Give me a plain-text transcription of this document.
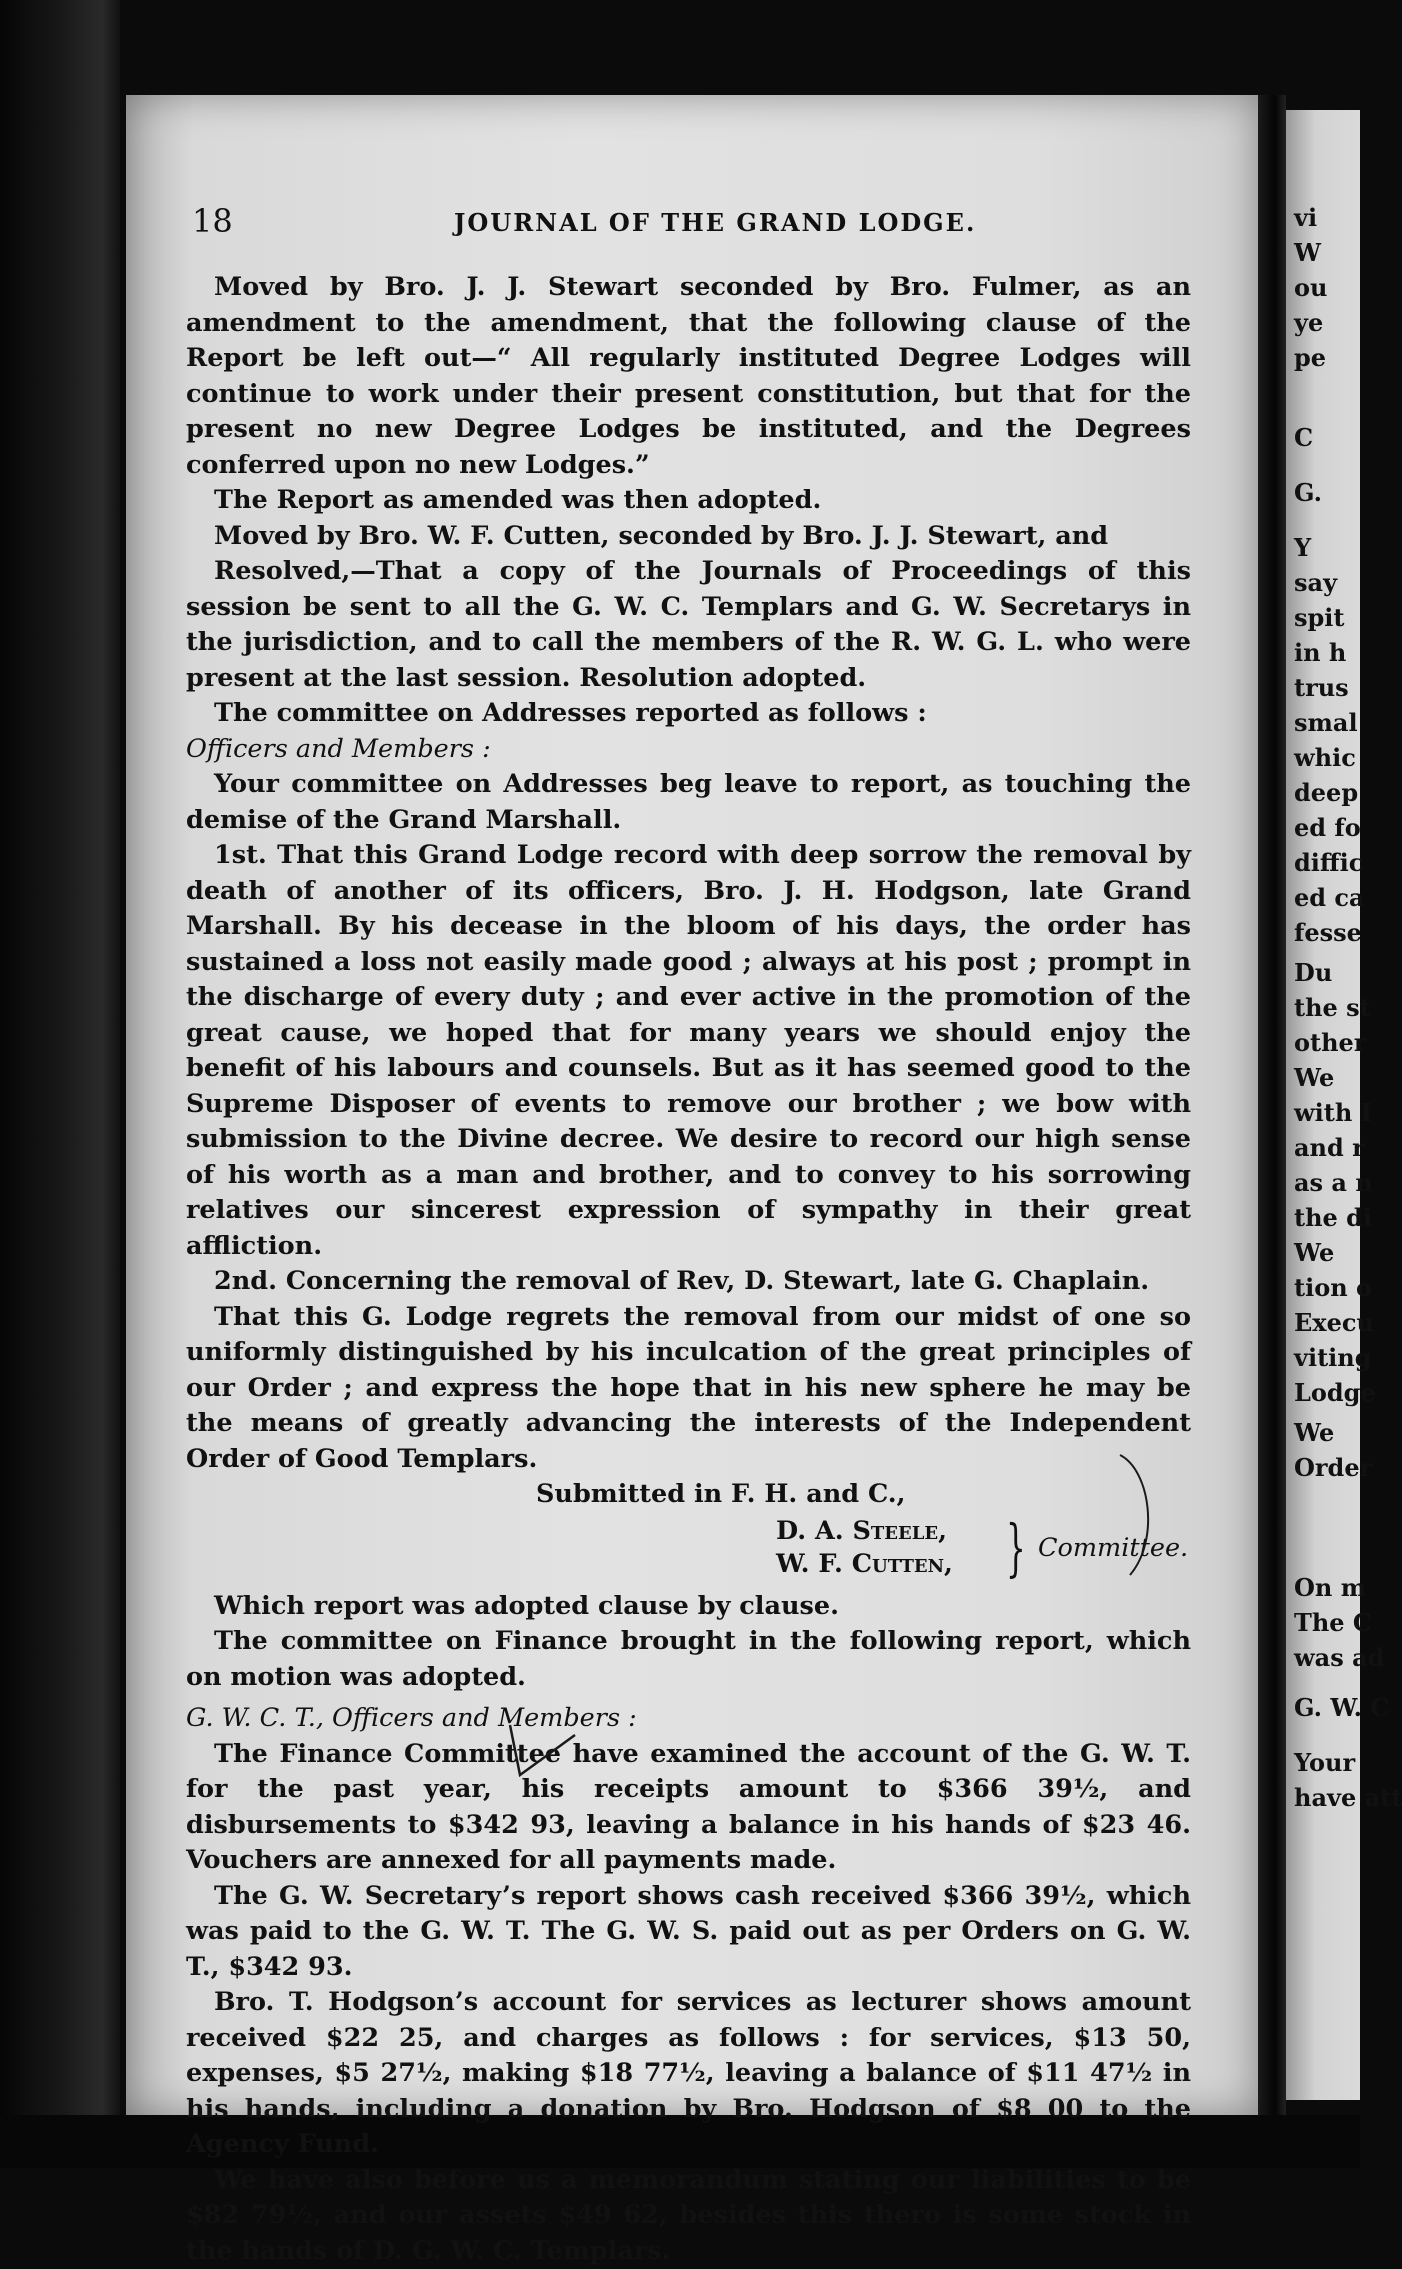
vi
W
ou
ye
pe
C
G.
Y
say
spit
in h
trus
smal
whic
deep
ed fo
diffic
ed ca
fesse
Du
the st
other
We
with I
and r
as a n
the di
We
tion o
Execu
viting
Lodge
We
Order
On m
The C
was ad
G. W. C
Your
have att
18	JOURNAL OF THE GRAND LODGE.

Moved by Bro. J. J. Stewart seconded by Bro. Fulmer, as an amendment to the amendment, that the following clause of the Report be left out—“ All regularly instituted Degree Lodges will continue to work under their present constitution, but that for the present no new Degree Lodges be instituted, and the Degrees conferred upon no new Lodges.”

The Report as amended was then adopted.

Moved by Bro. W. F. Cutten, seconded by Bro. J. J. Stewart, and

Resolved,—That a copy of the Journals of Proceedings of this session be sent to all the G. W. C. Templars and G. W. Secretarys in the jurisdiction, and to call the members of the R. W. G. L. who were present at the last session. Resolution adopted.

The committee on Addresses reported as follows :

Officers and Members :

Your committee on Addresses beg leave to report, as touching the demise of the Grand Marshall.

1st. That this Grand Lodge record with deep sorrow the removal by death of another of its officers, Bro. J. H. Hodgson, late Grand Marshall. By his decease in the bloom of his days, the order has sustained a loss not easily made good ; always at his post ; prompt in the discharge of every duty ; and ever active in the promotion of the great cause, we hoped that for many years we should enjoy the benefit of his labours and counsels. But as it has seemed good to the Supreme Disposer of events to remove our brother ; we bow with submission to the Divine decree. We desire to record our high sense of his worth as a man and brother, and to convey to his sorrowing relatives our sincerest expression of sympathy in their great affliction.

2nd. Concerning the removal of Rev, D. Stewart, late G. Chaplain.

That this G. Lodge regrets the removal from our midst of one so uniformly distinguished by his inculcation of the great principles of our Order ; and express the hope that in his new sphere he may be the means of greatly advancing the interests of the Independent Order of Good Templars.

Submitted in F. H. and C.,

D. A. Steele,
W. F. Cutten, } Committee.

Which report was adopted clause by clause.

The committee on Finance brought in the following report, which on motion was adopted.

G. W. C. T., Officers and Members :

The Finance Committee have examined the account of the G. W. T. for the past year, his receipts amount to $366 39½, and disbursements to $342 93, leaving a balance in his hands of $23 46. Vouchers are annexed for all payments made.

The G. W. Secretary’s report shows cash received $366 39½, which was paid to the G. W. T. The G. W. S. paid out as per Orders on G. W. T., $342 93.

Bro. T. Hodgson’s account for services as lecturer shows amount received $22 25, and charges as follows : for services, $13 50, expenses, $5 27½, making $18 77½, leaving a balance of $11 47½ in his hands, including a donation by Bro. Hodgson of $8 00 to the Agency Fund.

We have also before us a memorandum stating our liabilities to be $82 79½, and our assets $49 62, besides this thero is some stock in the hands of D. G. W. C. Templars.
